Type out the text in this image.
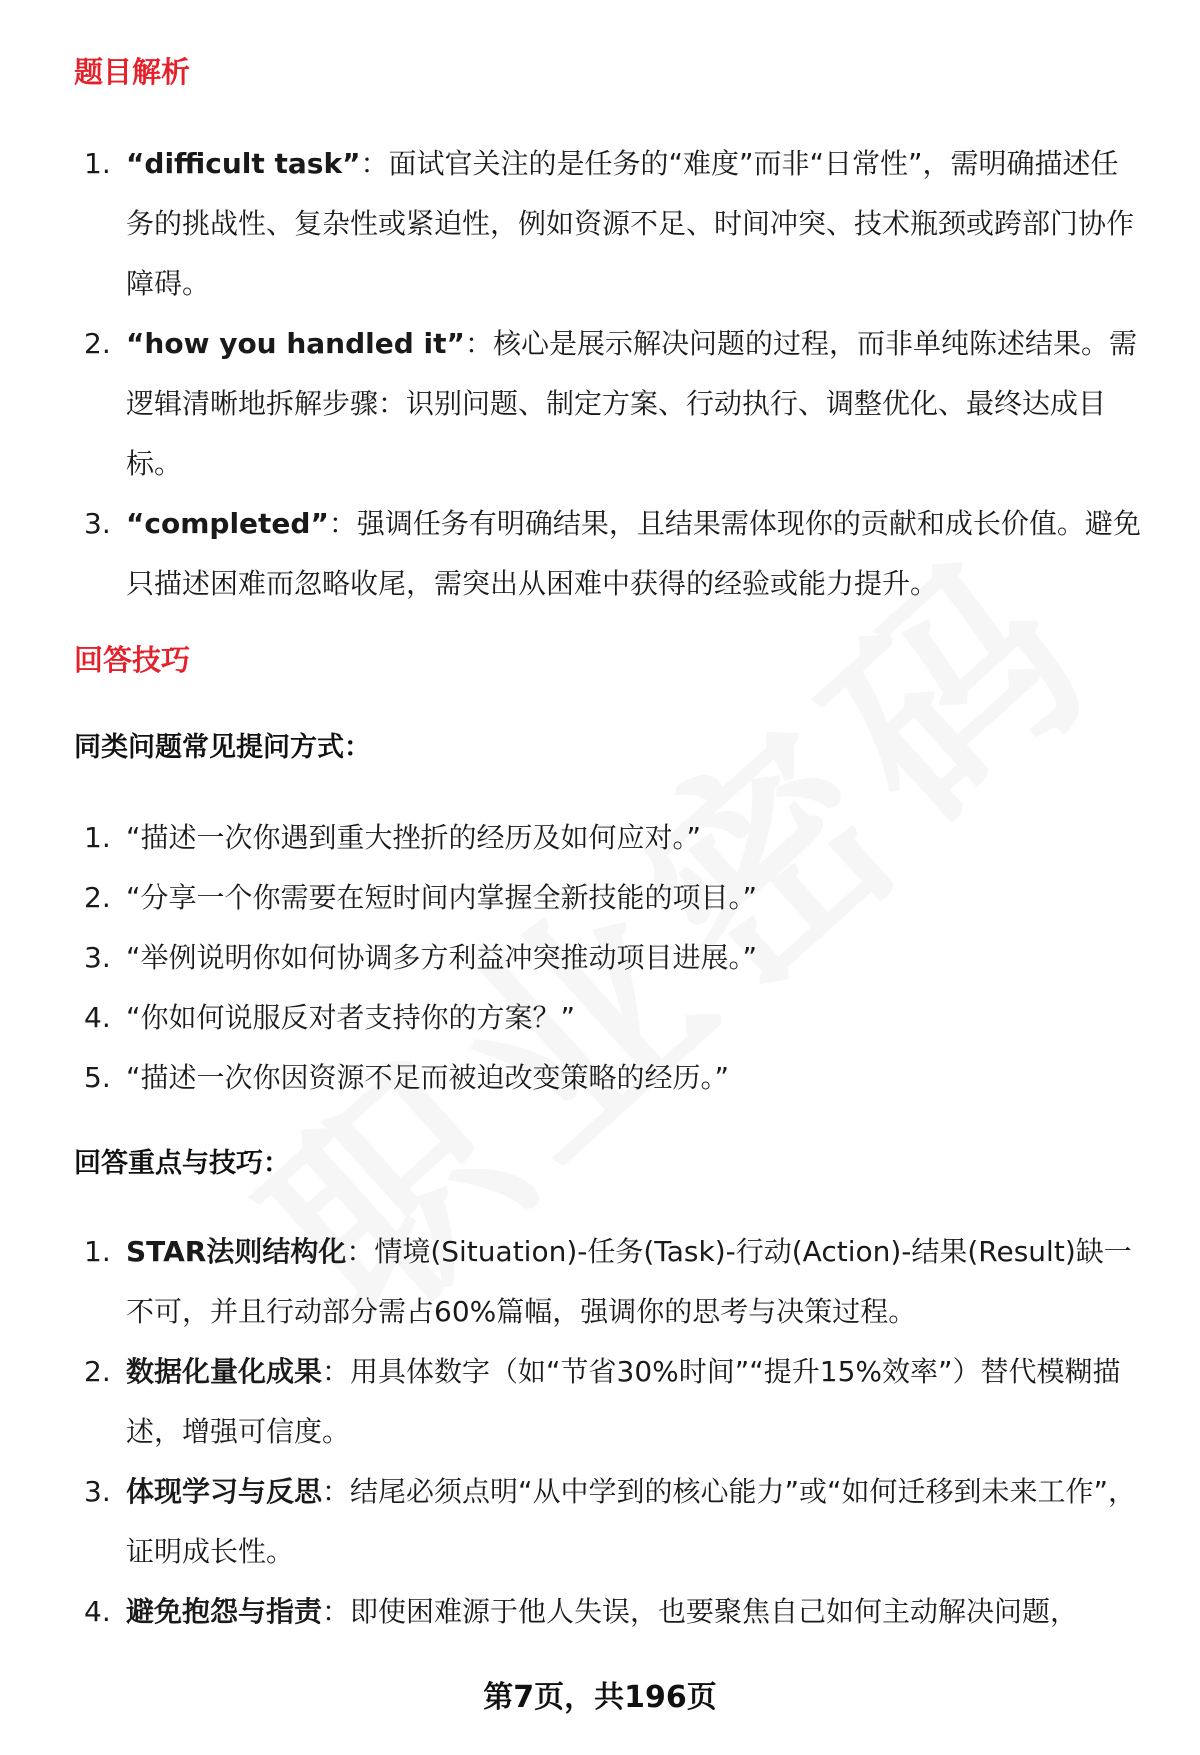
题目解析
1. “difficult task”：面试官关注的是任务的“难度”而非“日常性”，需明确描述任务的挑战性、复杂性或紧迫性，例如资源不足、时间冲突、技术瓶颈或跨部门协作障碍。
2. “how you handled it”：核心是展示解决问题的过程，而非单纯陈述结果。需逻辑清晰地拆解步骤：识别问题、制定方案、行动执行、调整优化、最终达成目标。
3. “completed”：强调任务有明确结果，且结果需体现你的贡献和成长价值。避免只描述困难而忽略收尾，需突出从困难中获得的经验或能力提升。
回答技巧
同类问题常见提问方式：
1. “描述一次你遇到重大挫折的经历及如何应对。”
2. “分享一个你需要在短时间内掌握全新技能的项目。”
3. “举例说明你如何协调多方利益冲突推动项目进展。”
4. “你如何说服反对者支持你的方案？”
5. “描述一次你因资源不足而被迫改变策略的经历。”
回答重点与技巧：
1. STAR法则结构化：情境(Situation)-任务(Task)-行动(Action)-结果(Result)缺一不可，并且行动部分需占60%篇幅，强调你的思考与决策过程。
2. 数据化量化成果：用具体数字（如“节省30%时间”“提升15%效率”）替代模糊描述，增强可信度。
3. 体现学习与反思：结尾必须点明“从中学到的核心能力”或“如何迁移到未来工作”，证明成长性。
4. 避免抱怨与指责：即使困难源于他人失误，也要聚焦自己如何主动解决问题，
第7页，共196页
